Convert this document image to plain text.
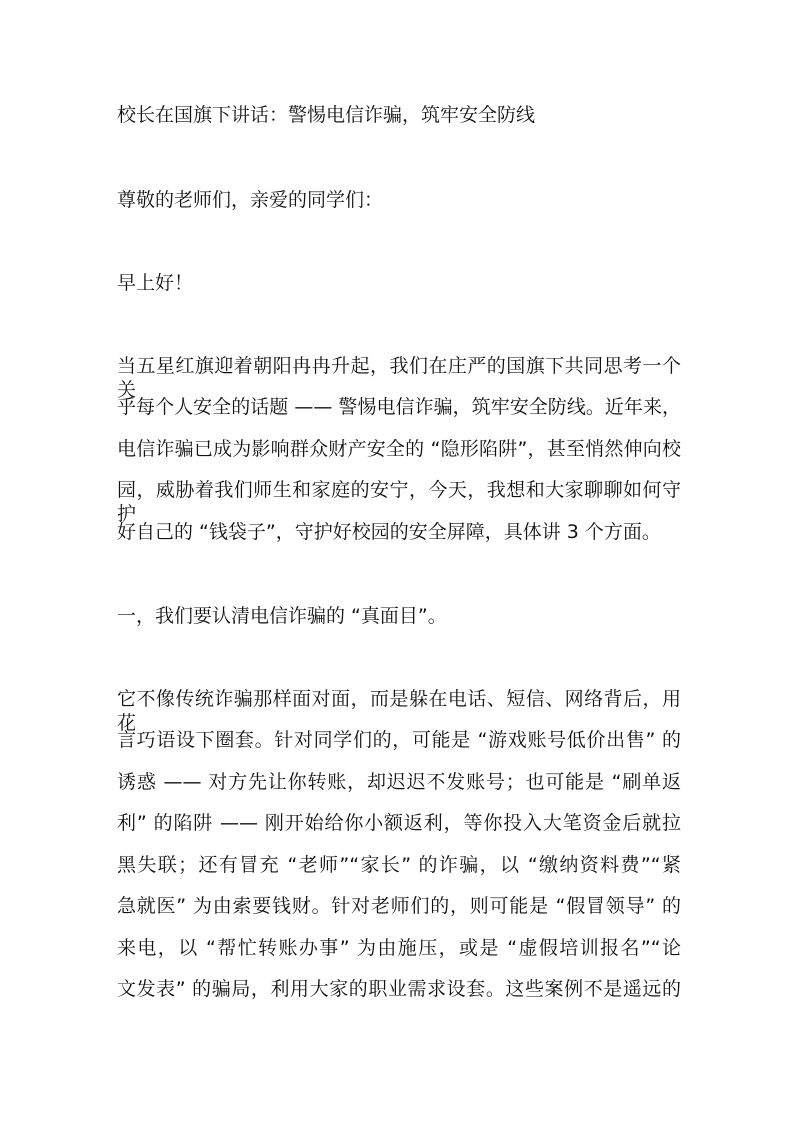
校长在国旗下讲话：警惕电信诈骗，筑牢安全防线
尊敬的老师们，亲爱的同学们：
早上好！
当五星红旗迎着朝阳冉冉升起，我们在庄严的国旗下共同思考一个关
乎每个人安全的话题 —— 警惕电信诈骗，筑牢安全防线。近年来，
电信诈骗已成为影响群众财产安全的 “隐形陷阱”，甚至悄然伸向校
园，威胁着我们师生和家庭的安宁，今天，我想和大家聊聊如何守护
好自己的 “钱袋子”，守护好校园的安全屏障，具体讲 3 个方面。
一，我们要认清电信诈骗的 “真面目”。
它不像传统诈骗那样面对面，而是躲在电话、短信、网络背后，用花
言巧语设下圈套。针对同学们的，可能是 “游戏账号低价出售” 的
诱惑 —— 对方先让你转账，却迟迟不发账号；也可能是 “刷单返
利” 的陷阱 —— 刚开始给你小额返利，等你投入大笔资金后就拉
黑失联；还有冒充 “老师”“家长” 的诈骗，以 “缴纳资料费”“紧
急就医” 为由索要钱财。针对老师们的，则可能是 “假冒领导” 的
来电，以 “帮忙转账办事” 为由施压，或是 “虚假培训报名”“论
文发表” 的骗局，利用大家的职业需求设套。这些案例不是遥远的
